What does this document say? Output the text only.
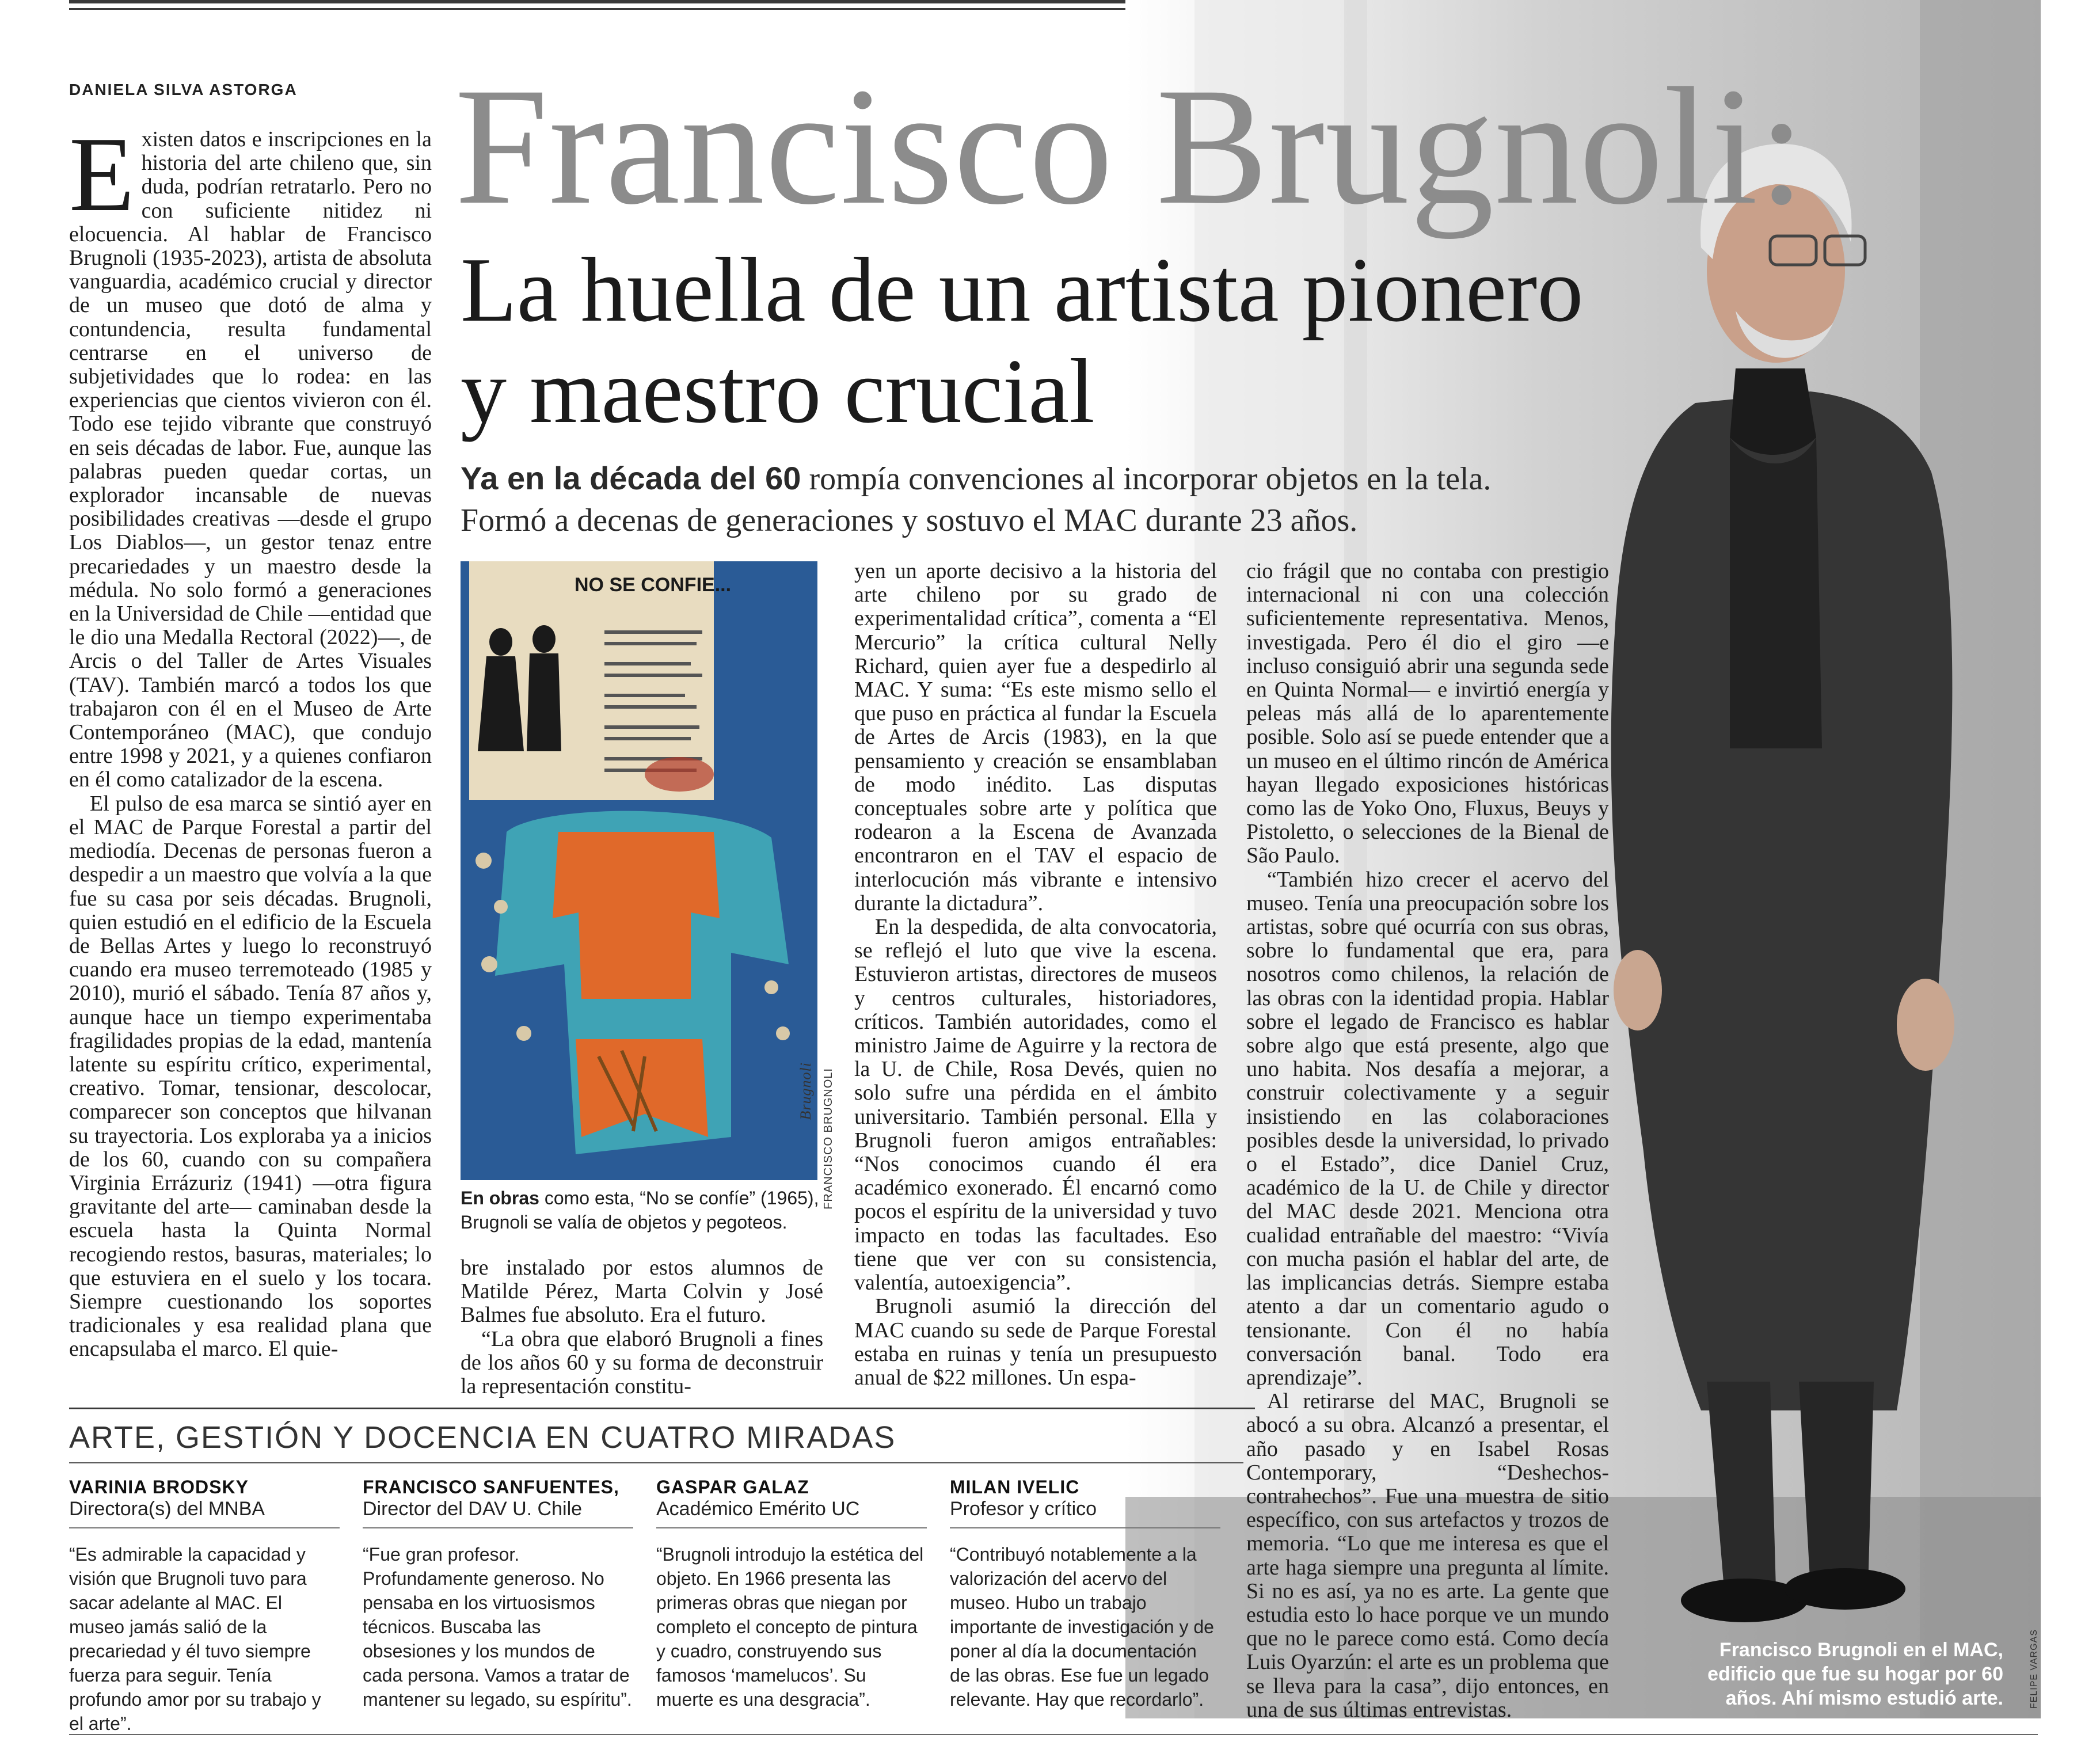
DANIELA SILVA ASTORGA Francisco Brugnoli:
La huella de un artista pionero
y maestro crucial
Ya en la década del 60 rompía convenciones al incorporar objetos en la tela.
Formó a decenas de generaciones y sostuvo el MAC durante 23 años.

Existen datos e inscripciones en la historia del arte chileno que, sin duda, podrían retratarlo. Pero no con suficiente nitidez ni elocuencia. Al hablar de Francisco Brugnoli (1935-2023), artista de absoluta vanguardia, académico crucial y director de un museo que dotó de alma y contundencia, resulta fundamental centrarse en el universo de subjetividades que lo rodea: en las experiencias que cientos vivieron con él. Todo ese tejido vibrante que construyó en seis décadas de labor. Fue, aunque las palabras pueden quedar cortas, un explorador incansable de nuevas posibilidades creativas —desde el grupo Los Diablos—, un gestor tenaz entre precariedades y un maestro desde la médula. No solo formó a generaciones en la Universidad de Chile —entidad que le dio una Medalla Rectoral (2022)—, de Arcis o del Taller de Artes Visuales (TAV). También marcó a todos los que trabajaron con él en el Museo de Arte Contemporáneo (MAC), que condujo entre 1998 y 2021, y a quienes confiaron en él como catalizador de la escena.

El pulso de esa marca se sintió ayer en el MAC de Parque Forestal a partir del mediodía. Decenas de personas fueron a despedir a un maestro que volvía a la que fue su casa por seis décadas. Brugnoli, quien estudió en el edificio de la Escuela de Bellas Artes y luego lo reconstruyó cuando era museo terremoteado (1985 y 2010), murió el sábado. Tenía 87 años y, aunque hace un tiempo experimentaba fragilidades propias de la edad, mantenía latente su espíritu crítico, experimental, creativo. Tomar, tensionar, descolocar, comparecer son conceptos que hilvanan su trayectoria. Los exploraba ya a inicios de los 60, cuando con su compañera Virginia Errázuriz (1941) —otra figura gravitante del arte— caminaban desde la escuela hasta la Quinta Normal recogiendo restos, basuras, materiales; lo que estuviera en el suelo y los tocara. Siempre cuestionando los soportes tradicionales y esa realidad plana que encapsulaba el marco. El quie-

NO SE CONFIE...
Brugnoli FRANCISCO BRUGNOLI
En obras como esta, “No se confíe” (1965), Brugnoli se valía de objetos y pegoteos.

bre instalado por estos alumnos de Matilde Pérez, Marta Colvin y José Balmes fue absoluto. Era el futuro.

“La obra que elaboró Brugnoli a fines de los años 60 y su forma de deconstruir la representación constitu-

yen un aporte decisivo a la historia del arte chileno por su grado de experimentalidad crítica”, comenta a “El Mercurio” la crítica cultural Nelly Richard, quien ayer fue a despedirlo al MAC. Y suma: “Es este mismo sello el que puso en práctica al fundar la Escuela de Artes de Arcis (1983), en la que pensamiento y creación se ensamblaban de modo inédito. Las disputas conceptuales sobre arte y política que rodearon a la Escena de Avanzada encontraron en el TAV el espacio de interlocución más vibrante e intensivo durante la dictadura”.

En la despedida, de alta convocatoria, se reflejó el luto que vive la escena. Estuvieron artistas, directores de museos y centros culturales, historiadores, críticos. También autoridades, como el ministro Jaime de Aguirre y la rectora de la U. de Chile, Rosa Devés, quien no solo sufre una pérdida en el ámbito universitario. También personal. Ella y Brugnoli fueron amigos entrañables: “Nos conocimos cuando él era académico exonerado. Él encarnó como pocos el espíritu de la universidad y tuvo impacto en todas las facultades. Eso tiene que ver con su consistencia, valentía, autoexigencia”.

Brugnoli asumió la dirección del MAC cuando su sede de Parque Forestal estaba en ruinas y tenía un presupuesto anual de $22 millones. Un espa-

cio frágil que no contaba con prestigio internacional ni con una colección suficientemente representativa. Menos, investigada. Pero él dio el giro —e incluso consiguió abrir una segunda sede en Quinta Normal— e invirtió energía y peleas más allá de lo aparentemente posible. Solo así se puede entender que a un museo en el último rincón de América hayan llegado exposiciones históricas como las de Yoko Ono, Fluxus, Beuys y Pistoletto, o selecciones de la Bienal de São Paulo.

“También hizo crecer el acervo del museo. Tenía una preocupación sobre los artistas, sobre qué ocurría con sus obras, sobre lo fundamental que era, para nosotros como chilenos, la relación de las obras con la identidad propia. Hablar sobre el legado de Francisco es hablar sobre algo que está presente, algo que uno habita. Nos desafía a mejorar, a construir colectivamente y a seguir insistiendo en las colaboraciones posibles desde la universidad, lo privado o el Estado”, dice Daniel Cruz, académico de la U. de Chile y director del MAC desde 2021. Menciona otra cualidad entrañable del maestro: “Vivía con mucha pasión el hablar del arte, de las implicancias detrás. Siempre estaba atento a dar un comentario agudo o tensionante. Con él no había conversación banal. Todo era aprendizaje”.

Al retirarse del MAC, Brugnoli se abocó a su obra. Alcanzó a presentar, el año pasado y en Isabel Rosas Contemporary, “Deshechos-contrahechos”. Fue una muestra de sitio específico, con sus artefactos y trozos de memoria. “Lo que me interesa es que el arte haga siempre una pregunta al límite. Si no es así, ya no es arte. La gente que estudia esto lo hace porque ve un mundo que no le parece como está. Como decía Luis Oyarzún: el arte es un problema que se lleva para la casa”, dijo entonces, en una de sus últimas entrevistas.

ARTE, GESTIÓN Y DOCENCIA EN CUATRO MIRADAS
VARINIA BRODSKY
Directora(s) del MNBA
“Es admirable la capacidad y visión que Brugnoli tuvo para sacar adelante al MAC. El museo jamás salió de la precariedad y él tuvo siempre fuerza para seguir. Tenía profundo amor por su trabajo y el arte”.
FRANCISCO SANFUENTES,
Director del DAV U. Chile
“Fue gran profesor. Profundamente generoso. No pensaba en los virtuosismos técnicos. Buscaba las obsesiones y los mundos de cada persona. Vamos a tratar de mantener su legado, su espíritu”.
GASPAR GALAZ
Académico Emérito UC
“Brugnoli introdujo la estética del objeto. En 1966 presenta las primeras obras que niegan por completo el concepto de pintura y cuadro, construyendo sus famosos ‘mamelucos’. Su muerte es una desgracia”.
MILAN IVELIC
Profesor y crítico
“Contribuyó notablemente a la valorización del acervo del museo. Hubo un trabajo importante de investigación y de poner al día la documentación de las obras. Ese fue un legado relevante. Hay que recordarlo”.
Francisco Brugnoli en el MAC, edificio que fue su hogar por 60 años. Ahí mismo estudió arte.	FELIPE VARGAS
